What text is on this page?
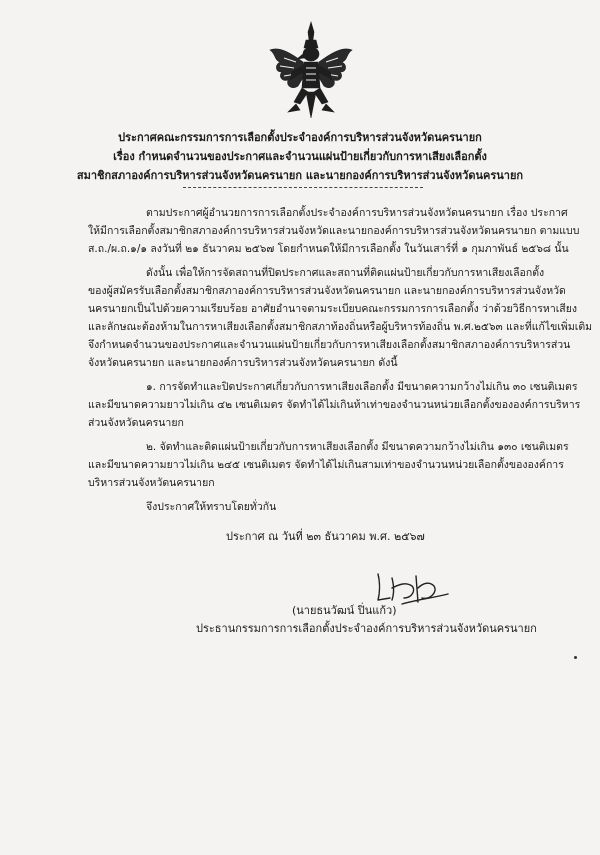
ประกาศคณะกรรมการการเลือกตั้งประจำองค์การบริหารส่วนจังหวัดนครนายก
เรื่อง กำหนดจำนวนของประกาศและจำนวนแผ่นป้ายเกี่ยวกับการหาเสียงเลือกตั้ง
สมาชิกสภาองค์การบริหารส่วนจังหวัดนครนายก และนายกองค์การบริหารส่วนจังหวัดนครนายก
ตามประกาศผู้อำนวยการการเลือกตั้งประจำองค์การบริหารส่วนจังหวัดนครนายก เรื่อง ประกาศ
ให้มีการเลือกตั้งสมาชิกสภาองค์การบริหารส่วนจังหวัดและนายกองค์การบริหารส่วนจังหวัดนครนายก ตามแบบ
ส.ถ./ผ.ถ.๑/๑ ลงวันที่ ๒๑ ธันวาคม ๒๕๖๗ โดยกำหนดให้มีการเลือกตั้ง ในวันเสาร์ที่ ๑ กุมภาพันธ์ ๒๕๖๘ นั้น
ดังนั้น เพื่อให้การจัดสถานที่ปิดประกาศและสถานที่ติดแผ่นป้ายเกี่ยวกับการหาเสียงเลือกตั้ง
ของผู้สมัครรับเลือกตั้งสมาชิกสภาองค์การบริหารส่วนจังหวัดนครนายก และนายกองค์การบริหารส่วนจังหวัด
นครนายกเป็นไปด้วยความเรียบร้อย อาศัยอำนาจตามระเบียบคณะกรรมการการเลือกตั้ง ว่าด้วยวิธีการหาเสียง
และลักษณะต้องห้ามในการหาเสียงเลือกตั้งสมาชิกสภาท้องถิ่นหรือผู้บริหารท้องถิ่น พ.ศ.๒๕๖๓ และที่แก้ไขเพิ่มเติม
จึงกำหนดจำนวนของประกาศและจำนวนแผ่นป้ายเกี่ยวกับการหาเสียงเลือกตั้งสมาชิกสภาองค์การบริหารส่วน
จังหวัดนครนายก และนายกองค์การบริหารส่วนจังหวัดนครนายก ดังนี้
๑. การจัดทำและปิดประกาศเกี่ยวกับการหาเสียงเลือกตั้ง มีขนาดความกว้างไม่เกิน ๓๐ เซนติเมตร
และมีขนาดความยาวไม่เกิน ๔๒ เซนติเมตร จัดทำได้ไม่เกินห้าเท่าของจำนวนหน่วยเลือกตั้งขององค์การบริหาร
ส่วนจังหวัดนครนายก
๒. จัดทำและติดแผ่นป้ายเกี่ยวกับการหาเสียงเลือกตั้ง มีขนาดความกว้างไม่เกิน ๑๓๐ เซนติเมตร
และมีขนาดความยาวไม่เกิน ๒๔๕ เซนติเมตร จัดทำได้ไม่เกินสามเท่าของจำนวนหน่วยเลือกตั้งขององค์การ
บริหารส่วนจังหวัดนครนายก
จึงประกาศให้ทราบโดยทั่วกัน
ประกาศ ณ วันที่ ๒๓ ธันวาคม พ.ศ. ๒๕๖๗
(นายธนวัฒน์ ปิ่นแก้ว)
ประธานกรรมการการเลือกตั้งประจำองค์การบริหารส่วนจังหวัดนครนายก
